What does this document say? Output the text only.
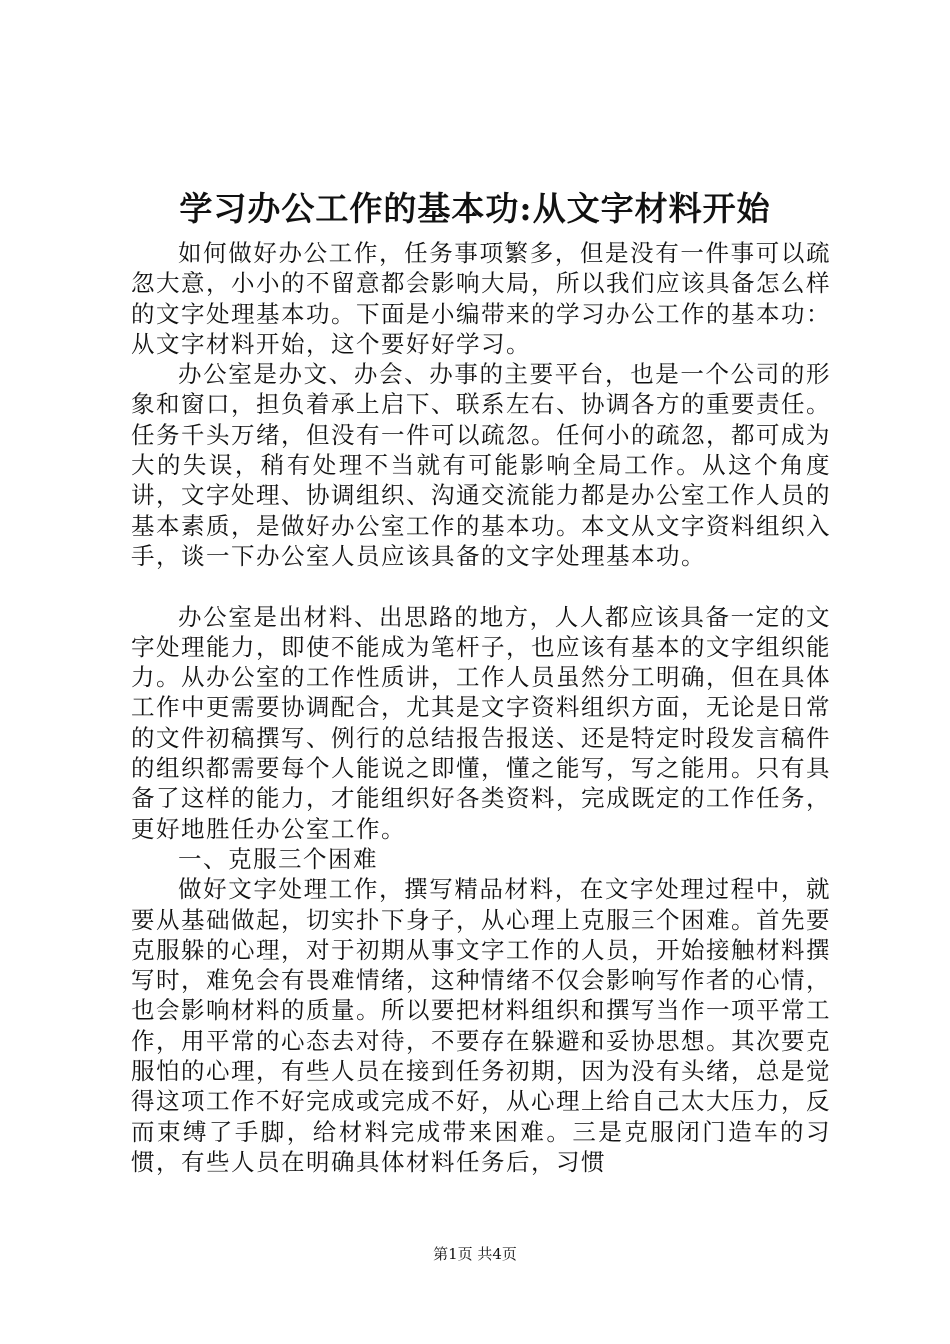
学习办公工作的基本功:从文字材料开始

如何做好办公工作，任务事项繁多，但是没有一件事可以疏忽大意，小小的不留意都会影响大局，所以我们应该具备怎么样的文字处理基本功。下面是小编带来的学习办公工作的基本功：从文字材料开始，这个要好好学习。

办公室是办文、办会、办事的主要平台，也是一个公司的形象和窗口，担负着承上启下、联系左右、协调各方的重要责任。任务千头万绪，但没有一件可以疏忽。任何小的疏忽，都可成为大的失误，稍有处理不当就有可能影响全局工作。从这个角度讲，文字处理、协调组织、沟通交流能力都是办公室工作人员的基本素质，是做好办公室工作的基本功。本文从文字资料组织入手，谈一下办公室人员应该具备的文字处理基本功。

办公室是出材料、出思路的地方，人人都应该具备一定的文字处理能力，即使不能成为笔杆子，也应该有基本的文字组织能力。从办公室的工作性质讲，工作人员虽然分工明确，但在具体工作中更需要协调配合，尤其是文字资料组织方面，无论是日常的文件初稿撰写、例行的总结报告报送、还是特定时段发言稿件的组织都需要每个人能说之即懂，懂之能写，写之能用。只有具备了这样的能力，才能组织好各类资料，完成既定的工作任务，更好地胜任办公室工作。

一、克服三个困难

做好文字处理工作，撰写精品材料，在文字处理过程中，就要从基础做起，切实扑下身子，从心理上克服三个困难。首先要克服躲的心理，对于初期从事文字工作的人员，开始接触材料撰写时，难免会有畏难情绪，这种情绪不仅会影响写作者的心情，也会影响材料的质量。所以要把材料组织和撰写当作一项平常工作，用平常的心态去对待，不要存在躲避和妥协思想。其次要克服怕的心理，有些人员在接到任务初期，因为没有头绪，总是觉得这项工作不好完成或完成不好，从心理上给自己太大压力，反而束缚了手脚，给材料完成带来困难。三是克服闭门造车的习惯，有些人员在明确具体材料任务后，习惯

第1页 共4页
